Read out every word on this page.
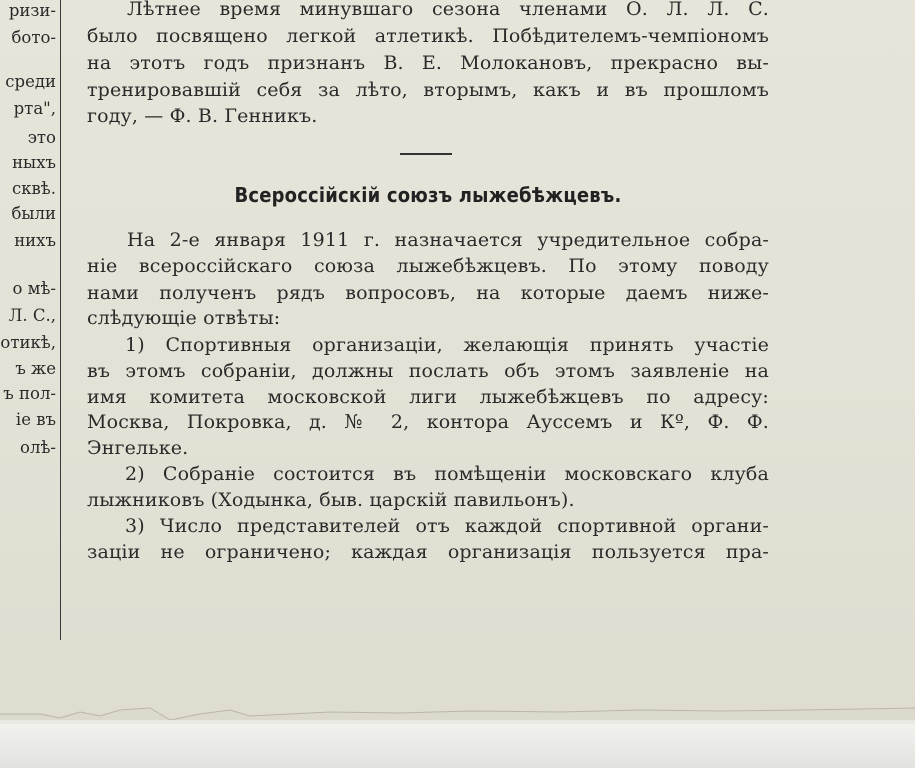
ризи-
ботo-
среди
рта",
это
ныхъ
сквѣ.
были
нихъ
о мѣ-
Л. С.,
отикѣ,
ъ же
ъ пол-
ie въ
олѣ-
Лѣтнее время минувшаго сезона членами О. Л. Л. С.
было посвящено легкой атлетикѣ. Побѣдителемъ-чемпiономъ
на этотъ годъ признанъ В. Е. Молокановъ, прекрасно вы-
тренировавшiй себя за лѣто, вторымъ, какъ и въ прошломъ
году, — Ф. В. Генникъ.
Всероссiйскiй союзъ лыжебѣжцевъ.
На 2-е января 1911 г. назначается учредительное собра-
нiе всероссiйскаго союза лыжебѣжцевъ. По этому поводу
нами полученъ рядъ вопросовъ, на которые даемъ ниже-
слѣдующiе отвѣты:
1) Спортивныя организацiи, желающiя принять участiе
въ этомъ собранiи, должны послать объ этомъ заявленiе на
имя комитета московской лиги лыжебѣжцевъ по адресу:
Москва, Покровка, д. № 2, контора Ауссемъ и Кº, Ф. Ф.
Энгельке.
2) Собранiе состоится въ помѣщенiи московскаго клуба
лыжниковъ (Ходынка, быв. царскiй павильонъ).
3) Число представителей отъ каждой спортивной органи-
зацiи не ограничено; каждая организацiя пользуется пра-
